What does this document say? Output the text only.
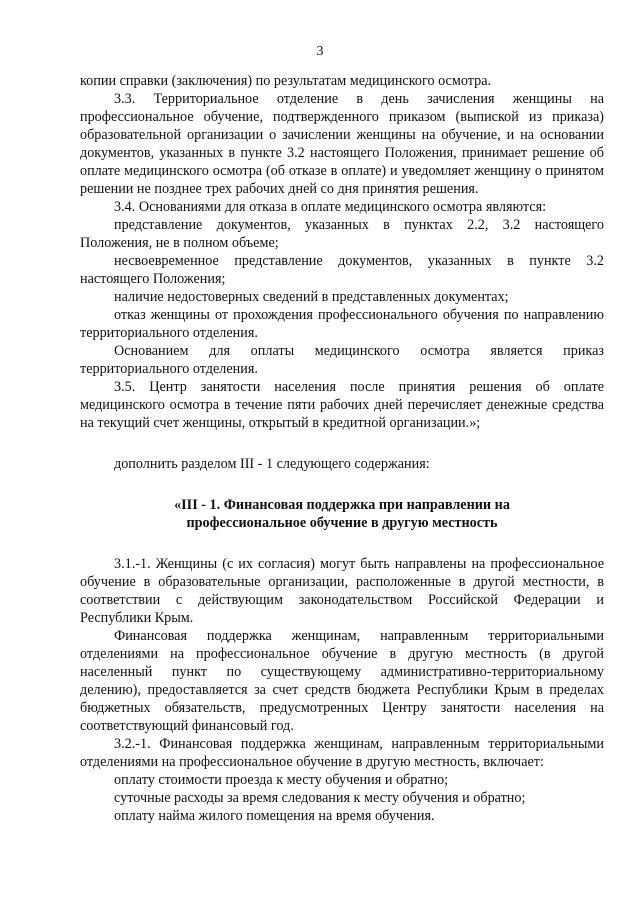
3

копии справки (заключения) по результатам медицинского осмотра.

3.3. Территориальное отделение в день зачисления женщины на профессиональное обучение, подтвержденного приказом (выпиской из приказа) образовательной организации о зачислении женщины на обучение, и на основании документов, указанных в пункте 3.2 настоящего Положения, принимает решение об оплате медицинского осмотра (об отказе в оплате) и уведомляет женщину о принятом решении не позднее трех рабочих дней со дня принятия решения.

3.4. Основаниями для отказа в оплате медицинского осмотра являются:

представление документов, указанных в пунктах 2.2, 3.2 настоящего Положения, не в полном объеме;

несвоевременное представление документов, указанных в пункте 3.2 настоящего Положения;

наличие недостоверных сведений в представленных документах;

отказ женщины от прохождения профессионального обучения по направлению территориального отделения.

Основанием для оплаты медицинского осмотра является приказ территориального отделения.

3.5. Центр занятости населения после принятия решения об оплате медицинского осмотра в течение пяти рабочих дней перечисляет денежные средства на текущий счет женщины, открытый в кредитной организации.»;

дополнить разделом III - 1 следующего содержания:

«III - 1. Финансовая поддержка при направлении на

профессиональное обучение в другую местность

3.1.-1. Женщины (с их согласия) могут быть направлены на профессиональное обучение в образовательные организации, расположенные в другой местности, в соответствии с действующим законодательством Российской Федерации и Республики Крым.

Финансовая поддержка женщинам, направленным территориальными отделениями на профессиональное обучение в другую местность (в другой населенный пункт по существующему административно-территориальному делению), предоставляется за счет средств бюджета Республики Крым в пределах бюджетных обязательств, предусмотренных Центру занятости населения на соответствующий финансовый год.

3.2.-1. Финансовая поддержка женщинам, направленным территориальными отделениями на профессиональное обучение в другую местность, включает:

оплату стоимости проезда к месту обучения и обратно;

суточные расходы за время следования к месту обучения и обратно;

оплату найма жилого помещения на время обучения.
